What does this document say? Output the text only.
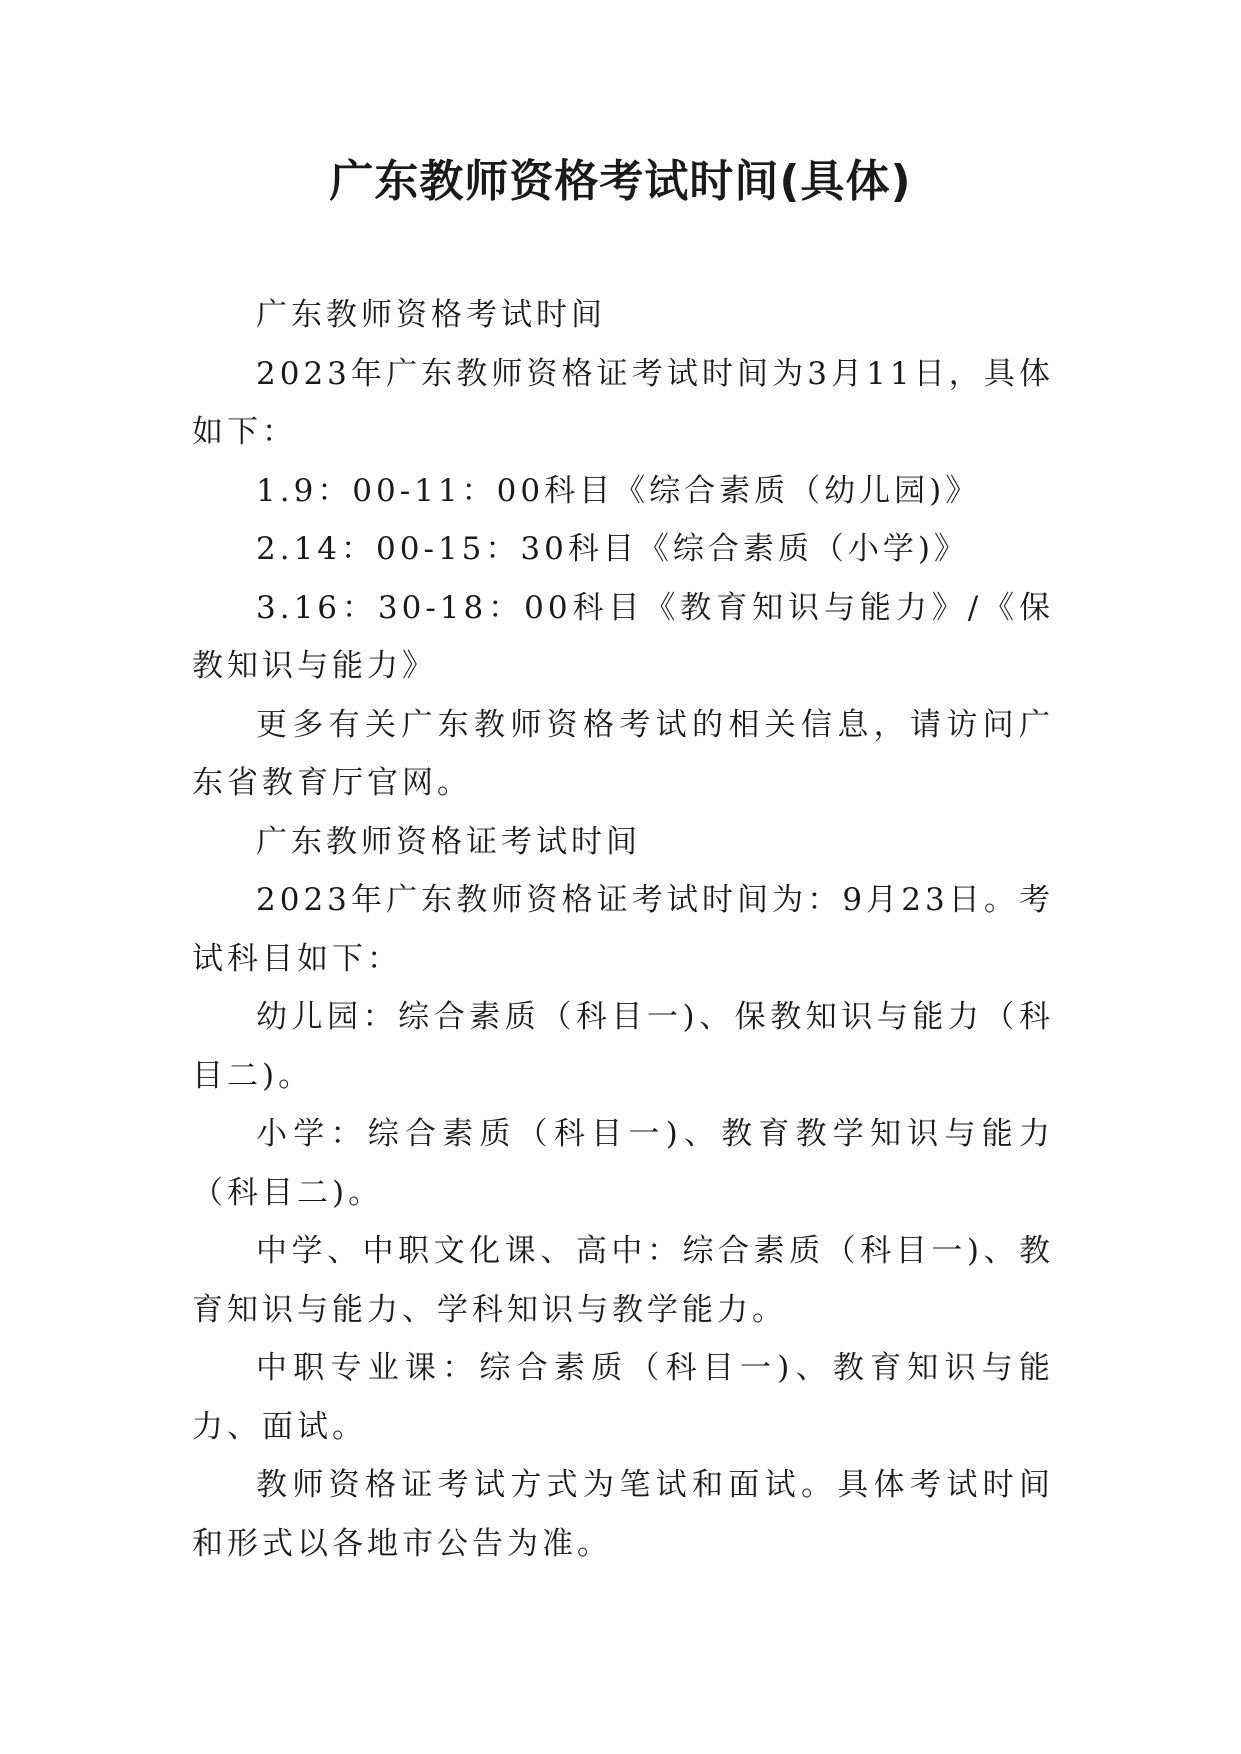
广东教师资格考试时间(具体)

广东教师资格考试时间

2023年广东教师资格证考试时间为3月11日，具体如下：

1.9：00-11：00科目《综合素质（幼儿园)》

2.14：00-15：30科目《综合素质（小学)》

3.16：30-18：00科目《教育知识与能力》/《保教知识与能力》

更多有关广东教师资格考试的相关信息，请访问广东省教育厅官网。

广东教师资格证考试时间

2023年广东教师资格证考试时间为：9月23日。考试科目如下：

幼儿园：综合素质（科目一)、保教知识与能力（科目二)。

小学：综合素质（科目一)、教育教学知识与能力（科目二)。

中学、中职文化课、高中：综合素质（科目一)、教育知识与能力、学科知识与教学能力。

中职专业课：综合素质（科目一)、教育知识与能力、面试。

教师资格证考试方式为笔试和面试。具体考试时间和形式以各地市公告为准。
